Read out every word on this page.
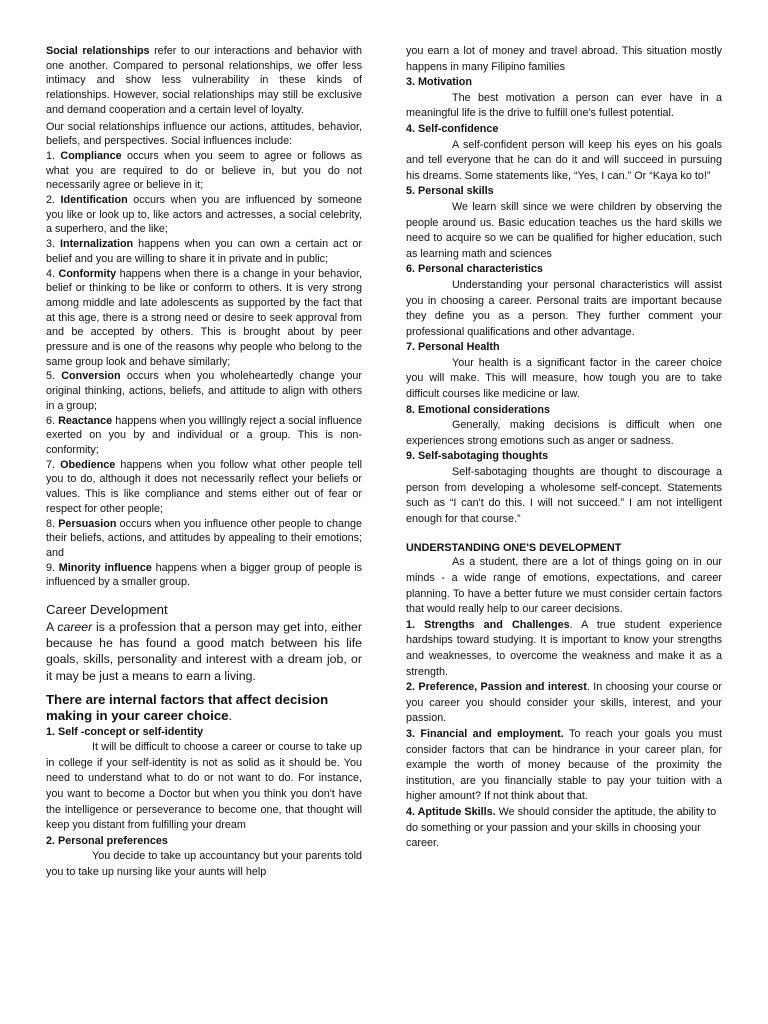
Social relationships refer to our interactions and behavior with one another. Compared to personal relationships, we offer less intimacy and show less vulnerability in these kinds of relationships. However, social relationships may still be exclusive and demand cooperation and a certain level of loyalty.

Our social relationships influence our actions, attitudes, behavior, beliefs, and perspectives. Social influences include:

1. Compliance occurs when you seem to agree or follows as what you are required to do or believe in, but you do not necessarily agree or believe in it;

2. Identification occurs when you are influenced by someone you like or look up to, like actors and actresses, a social celebrity, a superhero, and the like;

3. Internalization happens when you can own a certain act or belief and you are willing to share it in private and in public;

4. Conformity happens when there is a change in your behavior, belief or thinking to be like or conform to others. It is very strong among middle and late adolescents as supported by the fact that at this age, there is a strong need or desire to seek approval from and be accepted by others. This is brought about by peer pressure and is one of the reasons why people who belong to the same group look and behave similarly;

5. Conversion occurs when you wholeheartedly change your original thinking, actions, beliefs, and attitude to align with others in a group;

6. Reactance happens when you willingly reject a social influence exerted on you by and individual or a group. This is non-conformity;

7. Obedience happens when you follow what other people tell you to do, although it does not necessarily reflect your beliefs or values. This is like compliance and stems either out of fear or respect for other people;

8. Persuasion occurs when you influence other people to change their beliefs, actions, and attitudes by appealing to their emotions; and

9. Minority influence happens when a bigger group of people is influenced by a smaller group.

Career Development

A career is a profession that a person may get into, either because he has found a good match between his life goals, skills, personality and interest with a dream job, or it may be just a means to earn a living.

There are internal factors that affect decision making in your career choice.
1. Self -concept or self-identity

It will be difficult to choose a career or course to take up in college if your self-identity is not as solid as it should be. You need to understand what to do or not want to do. For instance, you want to become a Doctor but when you think you don't have the intelligence or perseverance to become one, that thought will keep you distant from fulfilling your dream

2. Personal preferences

You decide to take up accountancy but your parents told you to take up nursing like your aunts will help

you earn a lot of money and travel abroad. This situation mostly happens in many Filipino families

3. Motivation

The best motivation a person can ever have in a meaningful life is the drive to fulfill one's fullest potential.

4. Self-confidence

A self-confident person will keep his eyes on his goals and tell everyone that he can do it and will succeed in pursuing his dreams. Some statements like, “Yes, I can.” Or “Kaya ko to!”

5. Personal skills

We learn skill since we were children by observing the people around us. Basic education teaches us the hard skills we need to acquire so we can be qualified for higher education, such as learning math and sciences

6. Personal characteristics

Understanding your personal characteristics will assist you in choosing a career. Personal traits are important because they define you as a person. They further comment your professional qualifications and other advantage.

7. Personal Health

Your health is a significant factor in the career choice you will make. This will measure, how tough you are to take difficult courses like medicine or law.

8. Emotional considerations

Generally, making decisions is difficult when one experiences strong emotions such as anger or sadness.

9. Self-sabotaging thoughts

Self-sabotaging thoughts are thought to discourage a person from developing a wholesome self-concept. Statements such as “I can't do this. I will not succeed.” I am not intelligent enough for that course.”

UNDERSTANDING ONE'S DEVELOPMENT

As a student, there are a lot of things going on in our minds - a wide range of emotions, expectations, and career planning. To have a better future we must consider certain factors that would really help to our career decisions.

1. Strengths and Challenges. A true student experience hardships toward studying. It is important to know your strengths and weaknesses, to overcome the weakness and make it as a strength.

2. Preference, Passion and interest. In choosing your course or you career you should consider your skills, interest, and your passion.

3. Financial and employment. To reach your goals you must consider factors that can be hindrance in your career plan, for example the worth of money because of the proximity the institution, are you financially stable to pay your tuition with a higher amount? If not think about that.

4. Aptitude Skills. We should consider the aptitude, the ability to do something or your passion and your skills in choosing your career.
